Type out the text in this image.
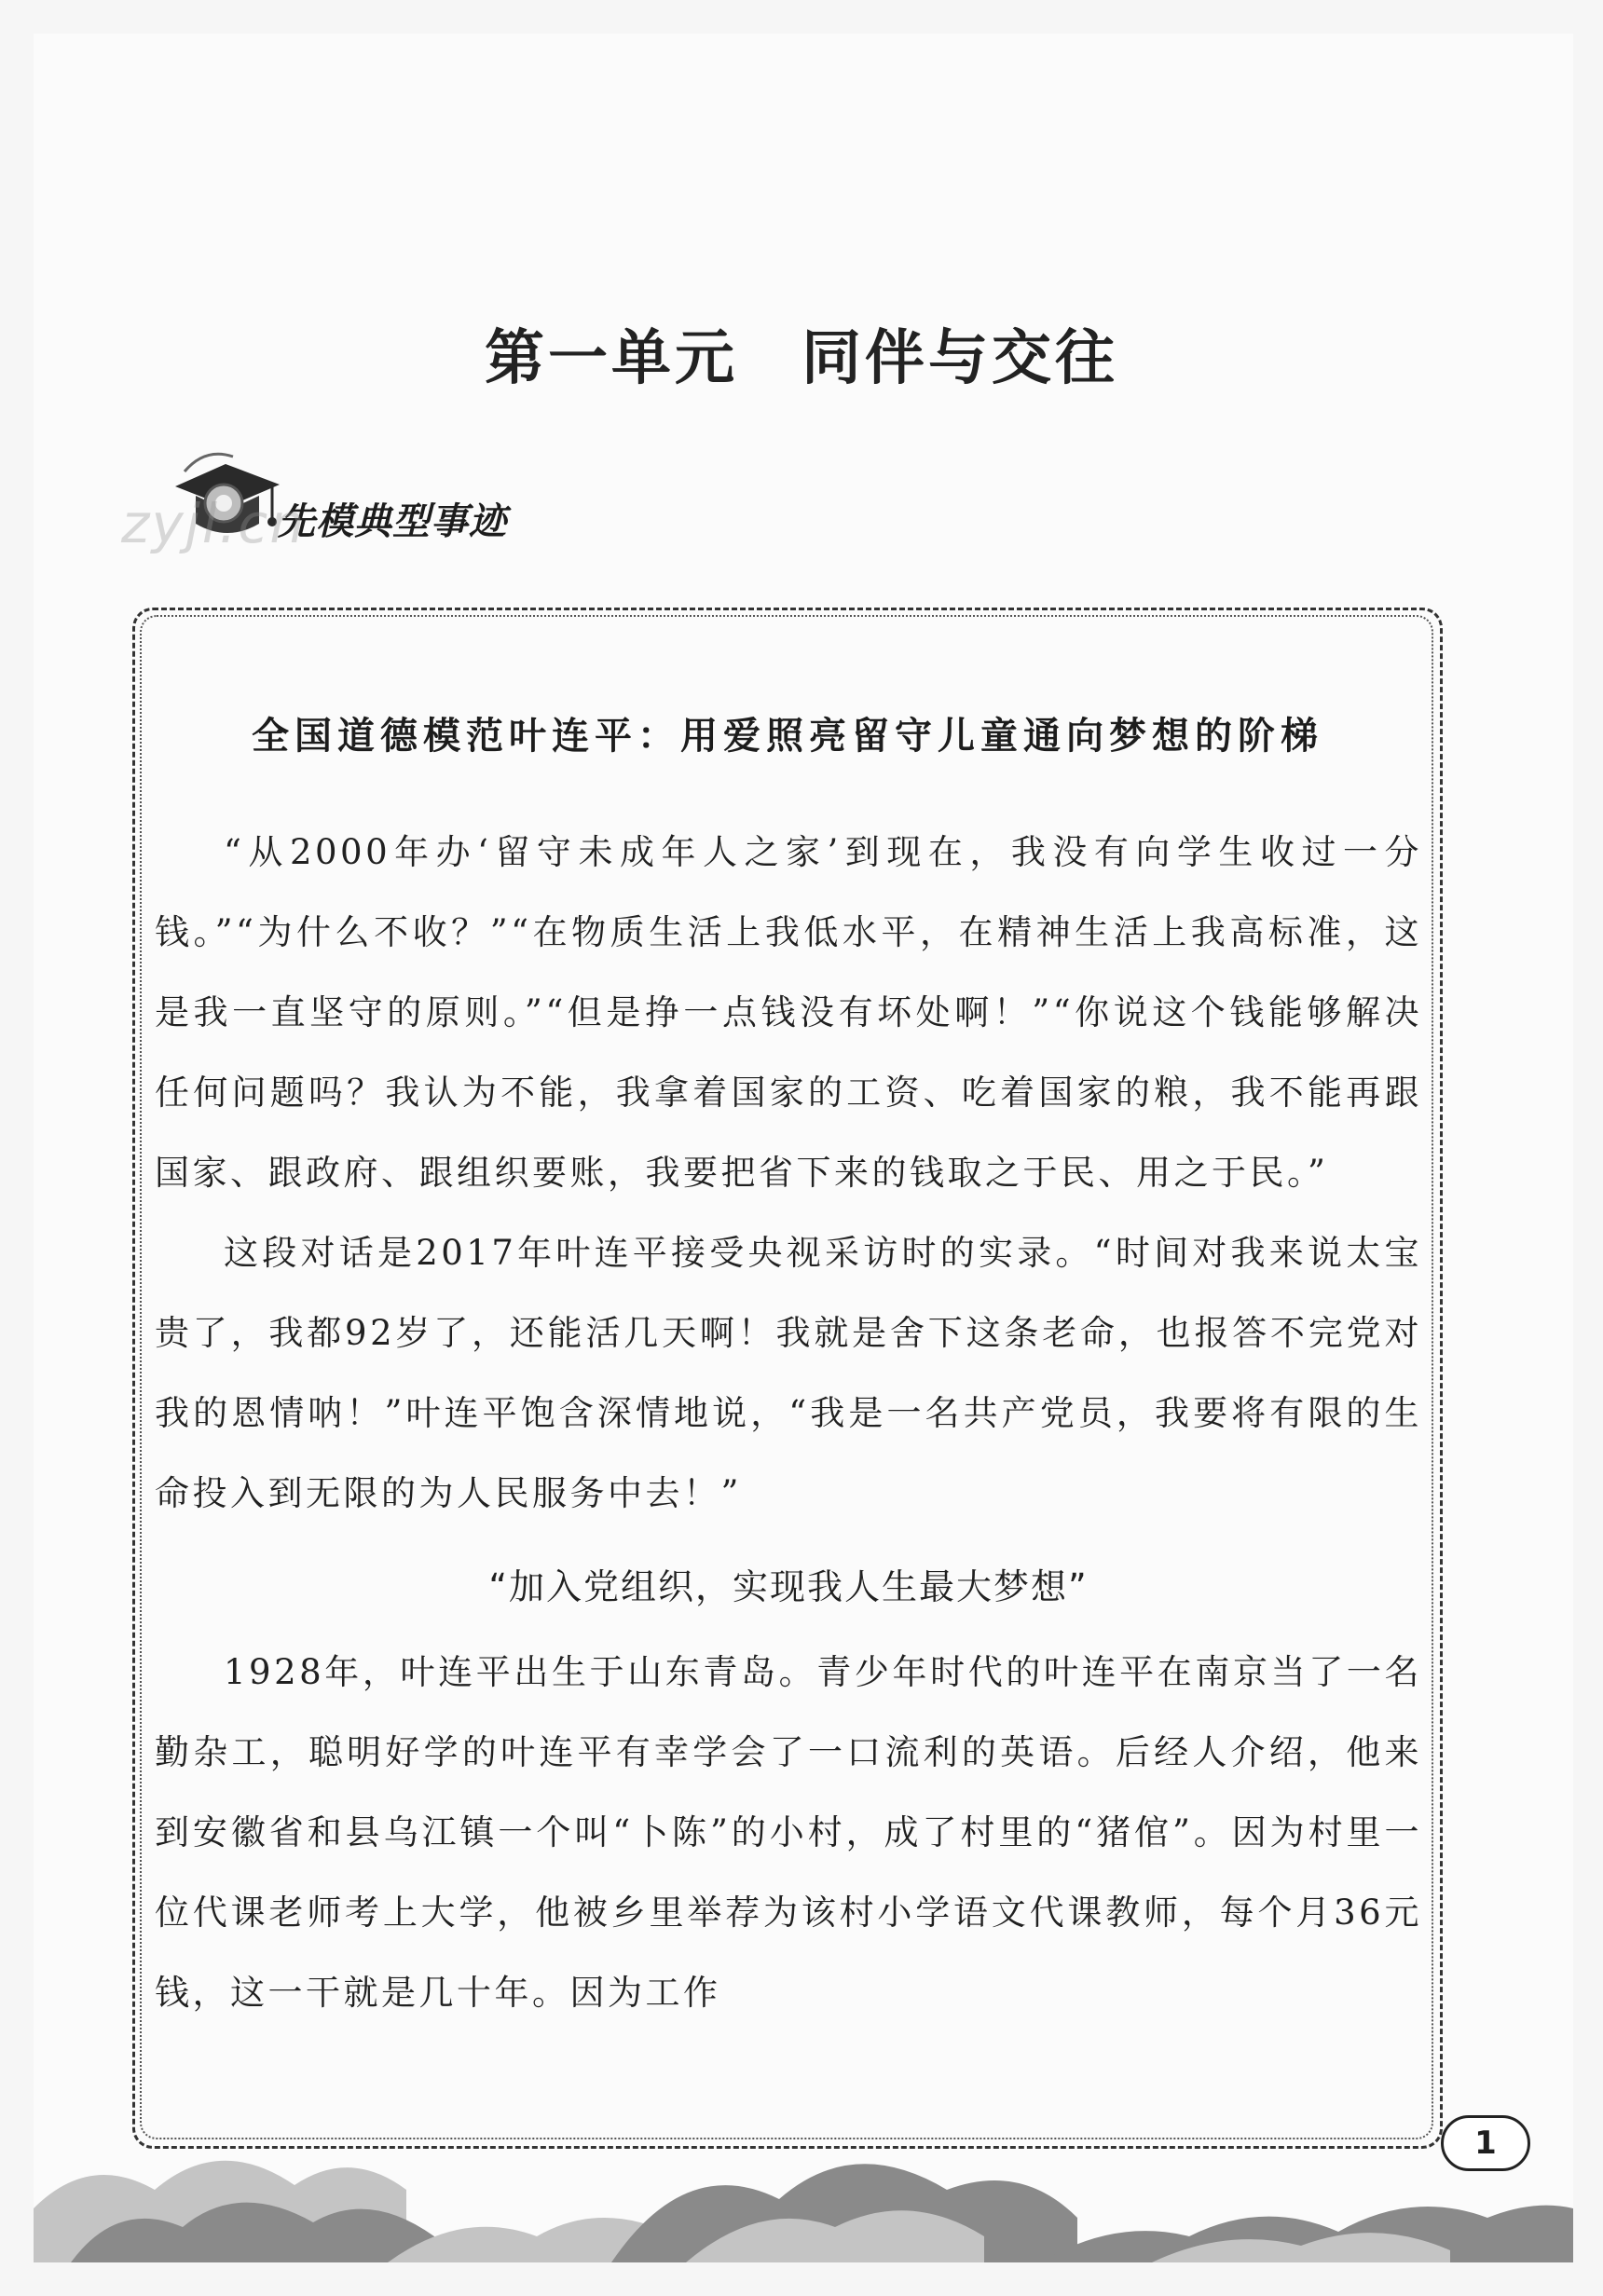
第一单元　同伴与交往
先模典型事迹
zyjl.cn
全国道德模范叶连平：用爱照亮留守儿童通向梦想的阶梯

“从2000年办‘留守未成年人之家’到现在，我没有向学生收过一分钱。”“为什么不收？”“在物质生活上我低水平，在精神生活上我高标准，这是我一直坚守的原则。”“但是挣一点钱没有坏处啊！”“你说这个钱能够解决任何问题吗？我认为不能，我拿着国家的工资、吃着国家的粮，我不能再跟国家、跟政府、跟组织要账，我要把省下来的钱取之于民、用之于民。”

这段对话是2017年叶连平接受央视采访时的实录。“时间对我来说太宝贵了，我都92岁了，还能活几天啊！我就是舍下这条老命，也报答不完党对我的恩情呐！”叶连平饱含深情地说，“我是一名共产党员，我要将有限的生命投入到无限的为人民服务中去！”

“加入党组织，实现我人生最大梦想”

1928年，叶连平出生于山东青岛。青少年时代的叶连平在南京当了一名勤杂工，聪明好学的叶连平有幸学会了一口流利的英语。后经人介绍，他来到安徽省和县乌江镇一个叫“卜陈”的小村，成了村里的“猪倌”。因为村里一位代课老师考上大学，他被乡里举荐为该村小学语文代课教师，每个月36元钱，这一干就是几十年。因为工作

1
